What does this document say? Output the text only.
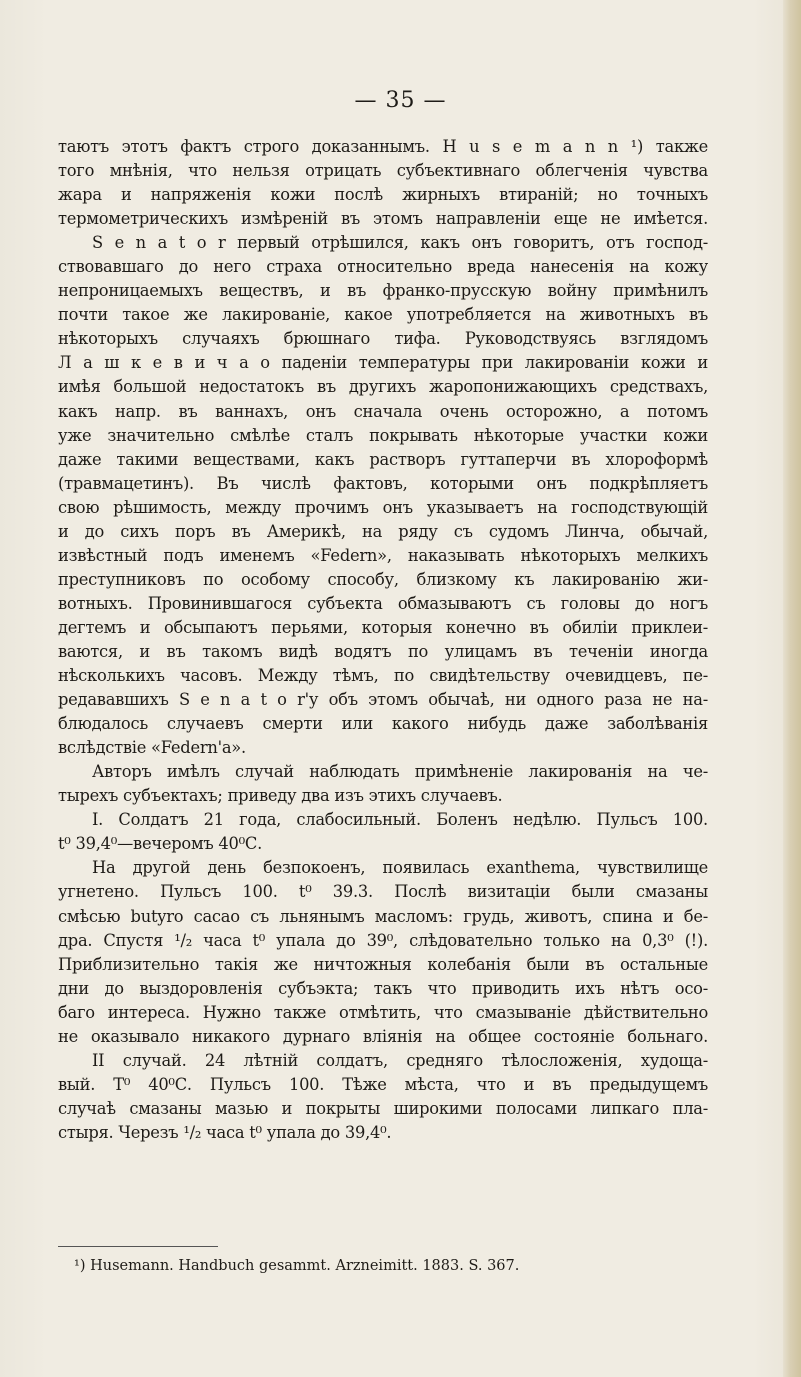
— 35 —
таютъ этотъ фактъ строго доказаннымъ. H u s e m a n n ¹) также
того мнѣнія, что нельзя отрицать субъективнаго облегченія чувства
жара и напряженія кожи послѣ жирныхъ втираній; но точныхъ
термометрическихъ измѣреній въ этомъ направленіи еще не имѣется.
S e n a t o r первый отрѣшился, какъ онъ говоритъ, отъ господ-
ствовавшаго до него страха относительно вреда нанесенія на кожу
непроницаемыхъ веществъ, и въ франко-прусскую войну примѣнилъ
почти такое же лакированіе, какое употребляется на животныхъ въ
нѣкоторыхъ случаяхъ брюшнаго тифа. Руководствуясь взглядомъ
Л а ш к е в и ч а о паденіи температуры при лакированіи кожи и
имѣя большой недостатокъ въ другихъ жаропонижающихъ средствахъ,
какъ напр. въ ваннахъ, онъ сначала очень осторожно, а потомъ
уже значительно смѣлѣе сталъ покрывать нѣкоторые участки кожи
даже такими веществами, какъ растворъ гуттаперчи въ хлороформѣ
(травмацетинъ). Въ числѣ фактовъ, которыми онъ подкрѣпляетъ
свою рѣшимость, между прочимъ онъ указываетъ на господствующій
и до сихъ поръ въ Америкѣ, на ряду съ судомъ Линча, обычай,
извѣстный подъ именемъ «Federn», наказывать нѣкоторыхъ мелкихъ
преступниковъ по особому способу, близкому къ лакированію жи-
вотныхъ. Провинившагося субъекта обмазываютъ съ головы до ногъ
дегтемъ и обсыпаютъ перьями, которыя конечно въ обиліи приклеи-
ваются, и въ такомъ видѣ водятъ по улицамъ въ теченіи иногда
нѣсколькихъ часовъ. Между тѣмъ, по свидѣтельству очевидцевъ, пе-
редававшихъ S e n a t o r'у объ этомъ обычаѣ, ни одного раза не на-
блюдалось случаевъ смерти или какого нибудь даже заболѣванія
вслѣдствіе «Federn'а».
Авторъ имѣлъ случай наблюдать примѣненіе лакированія на че-
тырехъ субъектахъ; приведу два изъ этихъ случаевъ.
I. Солдатъ 21 года, слабосильный. Боленъ недѣлю. Пульсъ 100.
t⁰ 39,4⁰—вечеромъ 40⁰С.
На другой день безпокоенъ, появилась exanthema, чувствилище
угнетено. Пульсъ 100. t⁰ 39.3. Послѣ визитаціи были смазаны
смѣсью butyro cacao съ льнянымъ масломъ: грудь, животъ, спина и бе-
дра. Спустя ¹/₂ часа t⁰ упала до 39⁰, слѣдовательно только на 0,3⁰ (!).
Приблизительно такія же ничтожныя колебанія были въ остальные
дни до выздоровленія субъэкта; такъ что приводить ихъ нѣтъ осо-
баго интереса. Нужно также отмѣтить, что смазываніе дѣйствительно
не оказывало никакого дурнаго вліянія на общее состояніе больнаго.
II случай. 24 лѣтній солдатъ, средняго тѣлосложенія, худоща-
вый. T⁰ 40⁰С. Пульсъ 100. Тѣже мѣста, что и въ предыдущемъ
случаѣ смазаны мазью и покрыты широкими полосами липкаго пла-
стыря. Черезъ ¹/₂ часа t⁰ упала до 39,4⁰.
¹) Husemann. Handbuch gesammt. Arzneimitt. 1883. S. 367.
